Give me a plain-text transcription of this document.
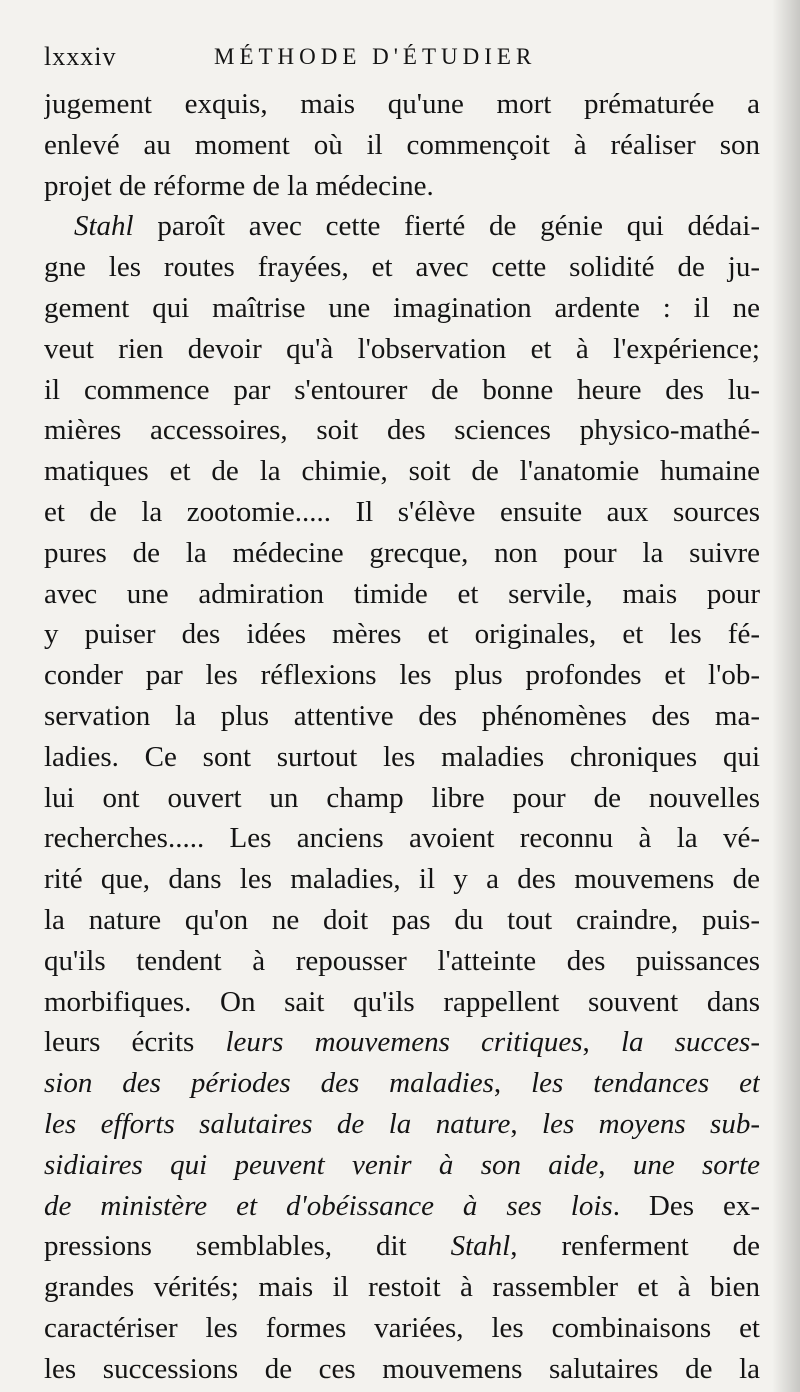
lxxxiv	MÉTHODE D'ÉTUDIER
jugement exquis, mais qu'une mort prématurée a
enlevé au moment où il commençoit à réaliser son
projet de réforme de la médecine.
Stahl paroît avec cette fierté de génie qui dédai-
gne les routes frayées, et avec cette solidité de ju-
gement qui maîtrise une imagination ardente : il ne
veut rien devoir qu'à l'observation et à l'expérience;
il commence par s'entourer de bonne heure des lu-
mières accessoires, soit des sciences physico-mathé-
matiques et de la chimie, soit de l'anatomie humaine
et de la zootomie..... Il s'élève ensuite aux sources
pures de la médecine grecque, non pour la suivre
avec une admiration timide et servile, mais pour
y puiser des idées mères et originales, et les fé-
conder par les réflexions les plus profondes et l'ob-
servation la plus attentive des phénomènes des ma-
ladies. Ce sont surtout les maladies chroniques qui
lui ont ouvert un champ libre pour de nouvelles
recherches..... Les anciens avoient reconnu à la vé-
rité que, dans les maladies, il y a des mouvemens de
la nature qu'on ne doit pas du tout craindre, puis-
qu'ils tendent à repousser l'atteinte des puissances
morbifiques. On sait qu'ils rappellent souvent dans
leurs écrits leurs mouvemens critiques, la succes-
sion des périodes des maladies, les tendances et
les efforts salutaires de la nature, les moyens sub-
sidiaires qui peuvent venir à son aide, une sorte
de ministère et d'obéissance à ses lois. Des ex-
pressions semblables, dit Stahl, renferment de
grandes vérités; mais il restoit à rassembler et à bien
caractériser les formes variées, les combinaisons et
les successions de ces mouvemens salutaires de la
